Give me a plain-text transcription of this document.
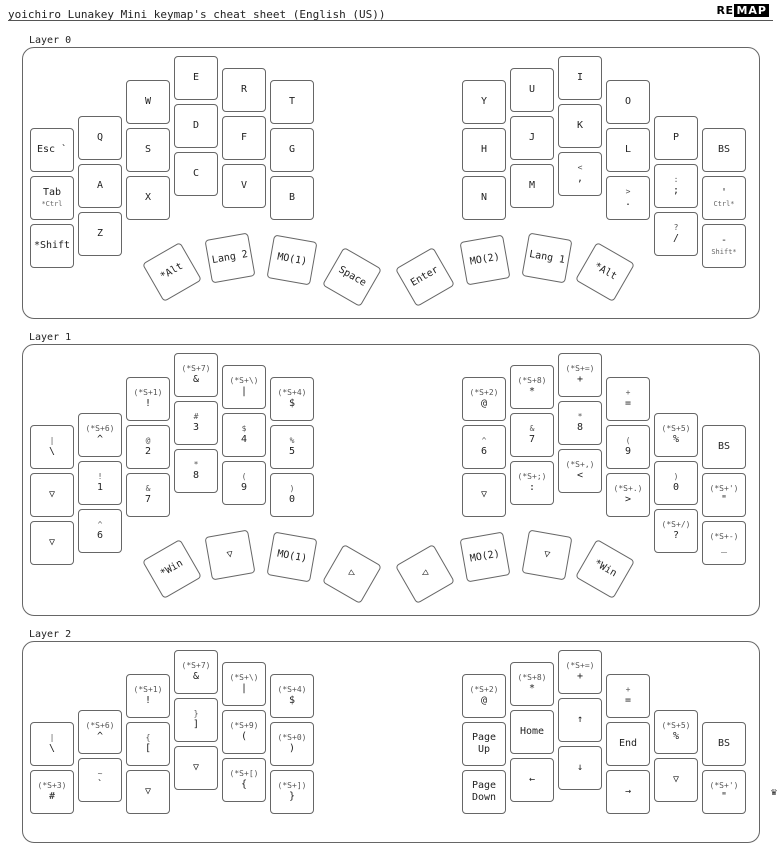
yoichiro Lunakey Mini keymap's cheat sheet (English (US))	RE MAP
Layer 0
Layer 1
Layer 2
Esc `
Q
W
E
R
T
Tab
*Ctrl
A
S
D
F
G
*Shift
Z
X
C
V
B
Y
U
I
O
P
BS
H
J
K
L
:
;	'
Ctrl*
N
M
<
,
>
.
?
/	-
Shift*
*Alt
Lang 2	MO(1)
Space	Enter
MO(2)	Lang 1
*Alt
|
\
(*S+6)
^
(*S+1)
!
(*S+7)
&	(*S+\)
|	(*S+4)
$
▽
!
1
@
2
#
3	$
4	%
5
▽
^
6
&
7
*
8	(
9	)
0
(*S+2)
@
(*S+8)
*
(*S+=)
+
+
=
(*S+5)
%
BS
^
6
&
7
*
8
(
9
)
0	(*S+')
"
▽
(*S+;)
:
(*S+,)
<
(*S+.)
>
(*S+/)
?	(*S+-)
_
*Win
▽	MO(1)
▷	◁
MO(2)	▽
*Win
|
\
(*S+6)
^
(*S+1)
!
(*S+7)
&	(*S+\)
|	(*S+4)
$
(*S+3)
#
~
`
{
[
}
]	(*S+9)
(	(*S+0)
)
▽
▽
(*S+[)
{	(*S+])
}
(*S+2)
@
(*S+8)
*
(*S+=)
+
+
=
(*S+5)
%
BS
Page Up
Home
↑
End
▽
(*S+')
"
Page Down
←
↓
→	♛
